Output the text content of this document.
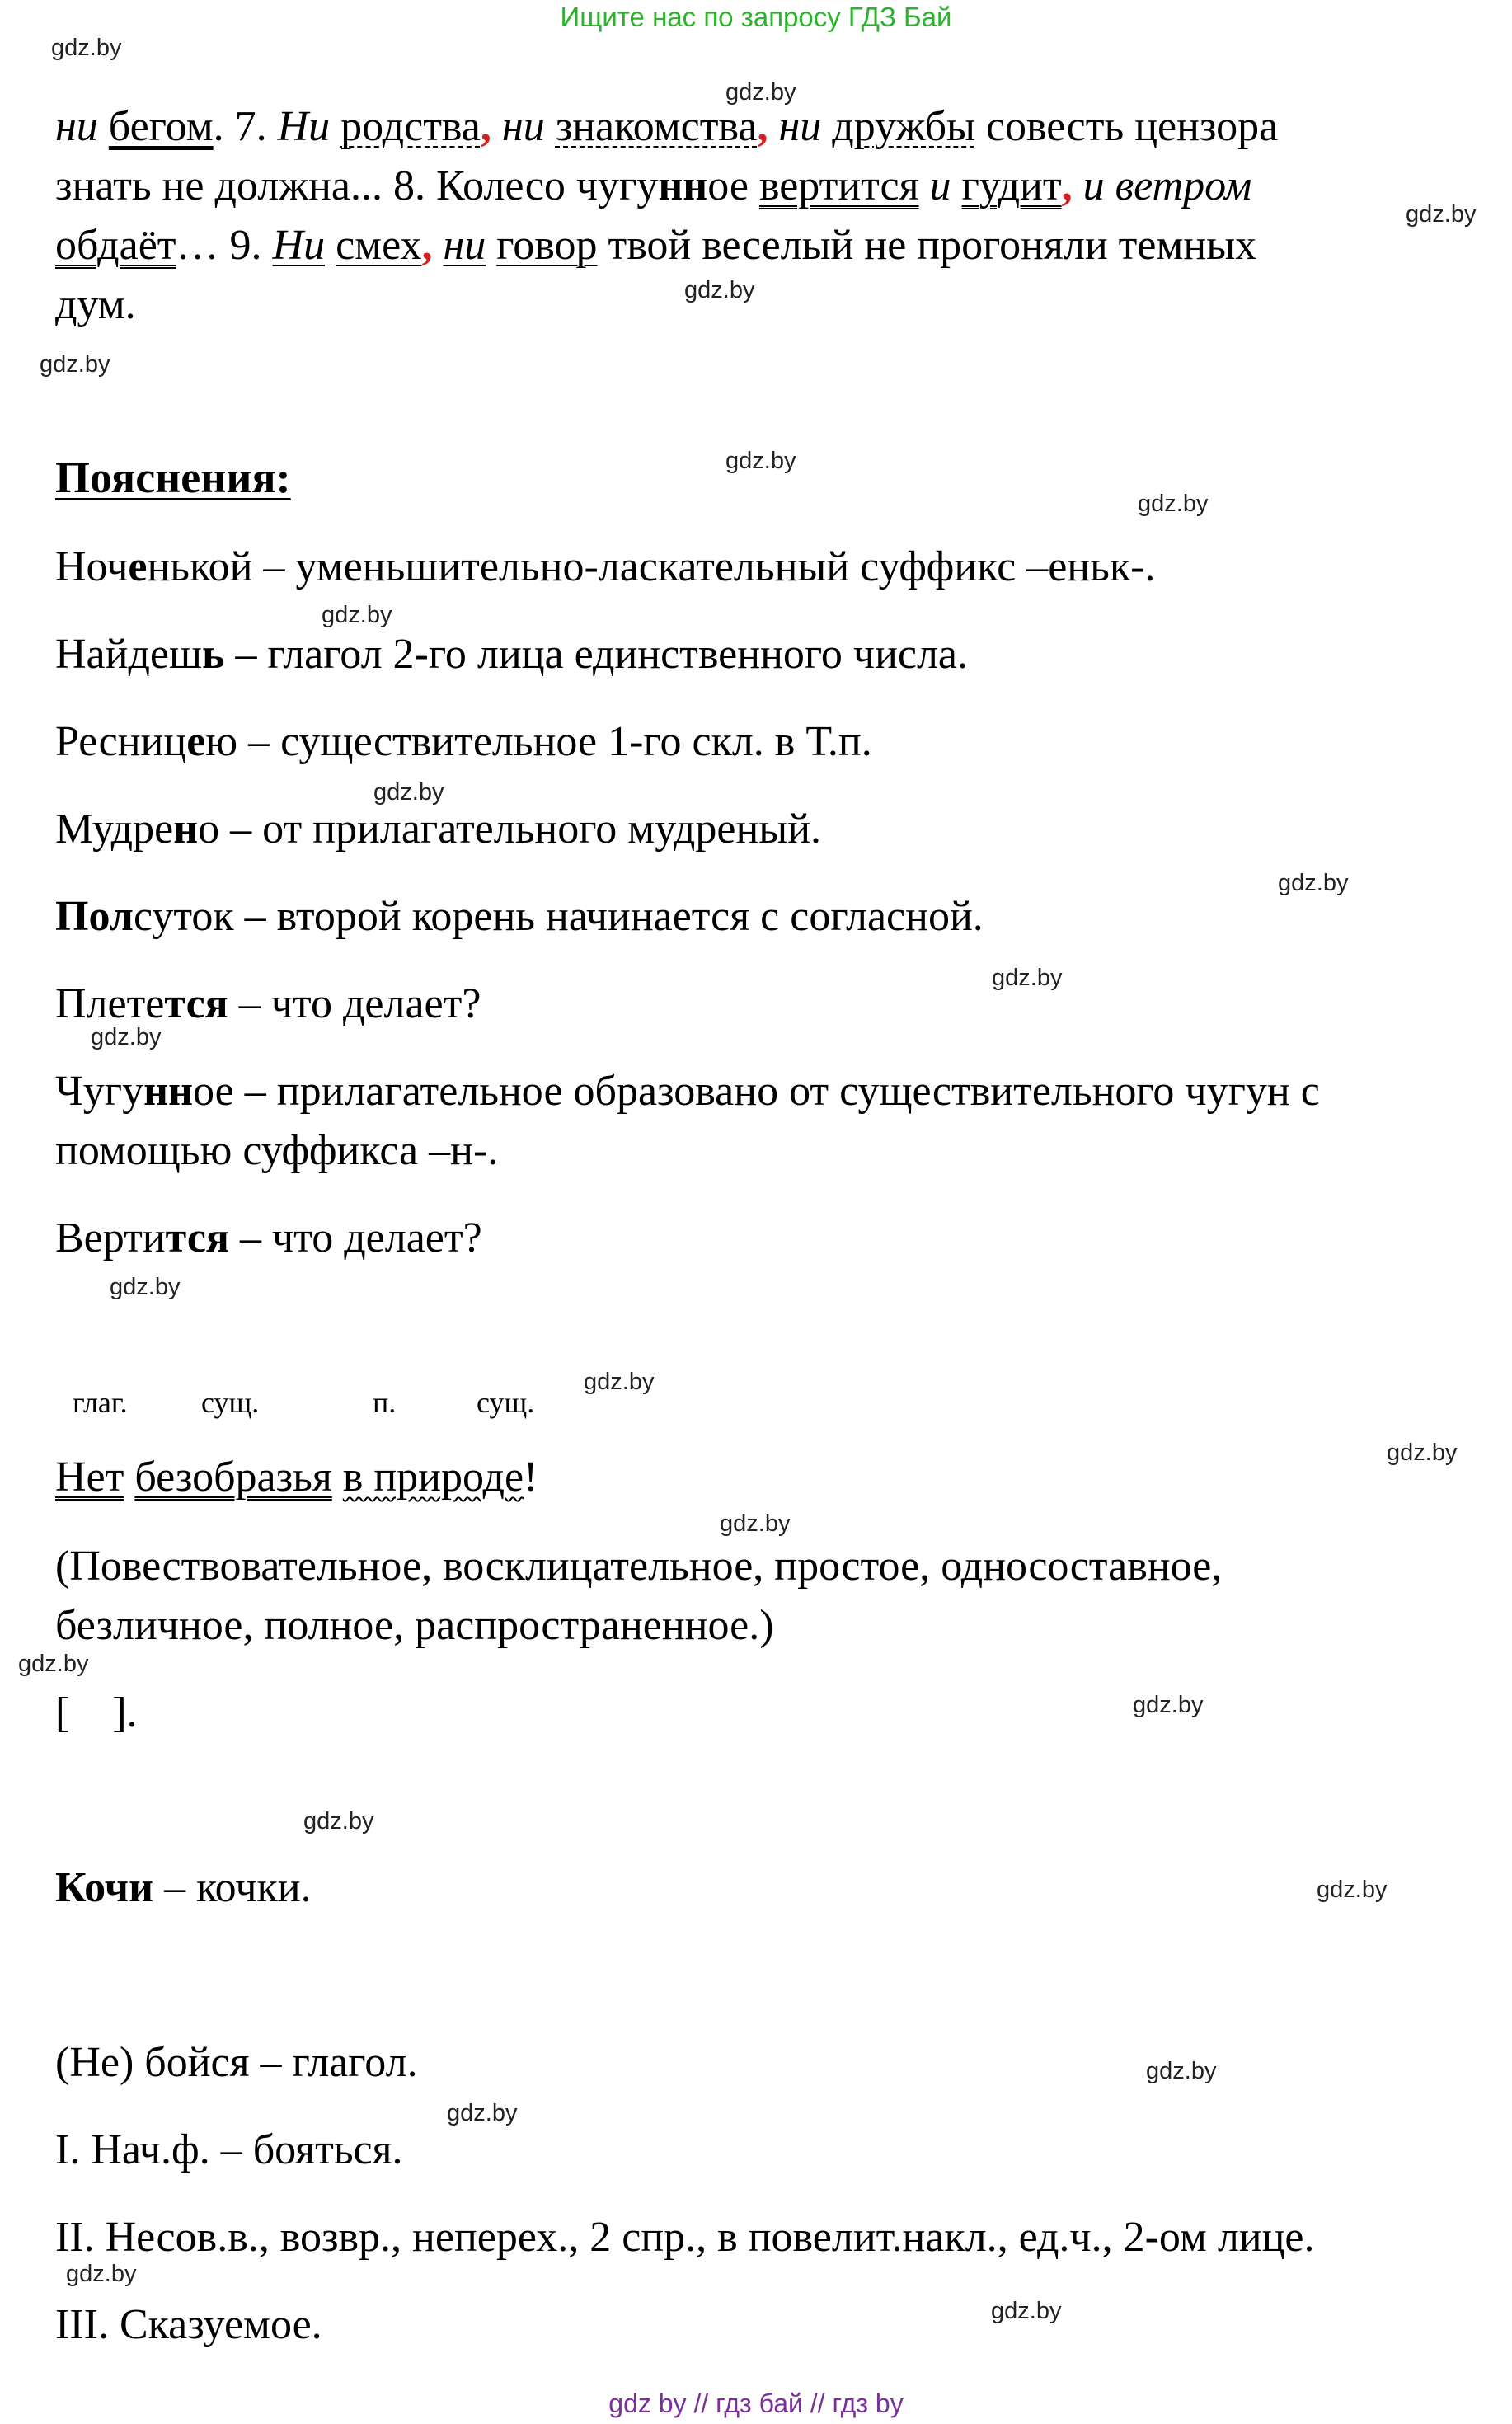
Ищите нас по запросу ГДЗ Бай
gdz.by
gdz.by
gdz.by
gdz.by
gdz.by
gdz.by
gdz.by
gdz.by
gdz.by
gdz.by
gdz.by
gdz.by
gdz.by
gdz.by
gdz.by
gdz.by
gdz.by
gdz.by
gdz.by
gdz.by
gdz.by
gdz.by
gdz.by
gdz.by
ни бегом. 7. Ни родства, ни знакомства, ни дружбы совесть цензора
знать не должна... 8. Колесо чугунное вертится и гудит, и ветром
обдаёт… 9. Ни смех, ни говор твой веселый не прогоняли темных
дум.
Пояснения:
Ноченькой – уменьшительно-ласкательный суффикс –еньк-.
Найдешь – глагол 2-го лица единственного числа.
Ресницею – существительное 1-го скл. в Т.п.
Мудрено – от прилагательного мудреный.
Полсуток – второй корень начинается с согласной.
Плетется – что делает?
Чугунное – прилагательное образовано от существительного чугун с
помощью суффикса –н-.
Вертится – что делает?
глаг. сущ.	п.	сущ.
Нет безобразья в природе!
(Повествовательное, восклицательное, простое, односоставное,
безличное, полное, распространенное.)
[    ].
Кочи – кочки.
(Не) бойся – глагол.
I. Нач.ф. – бояться.
II. Несов.в., возвр., неперех., 2 спр., в повелит.накл., ед.ч., 2-ом лице.
III. Сказуемое.
gdz by // гдз бай // гдз by
